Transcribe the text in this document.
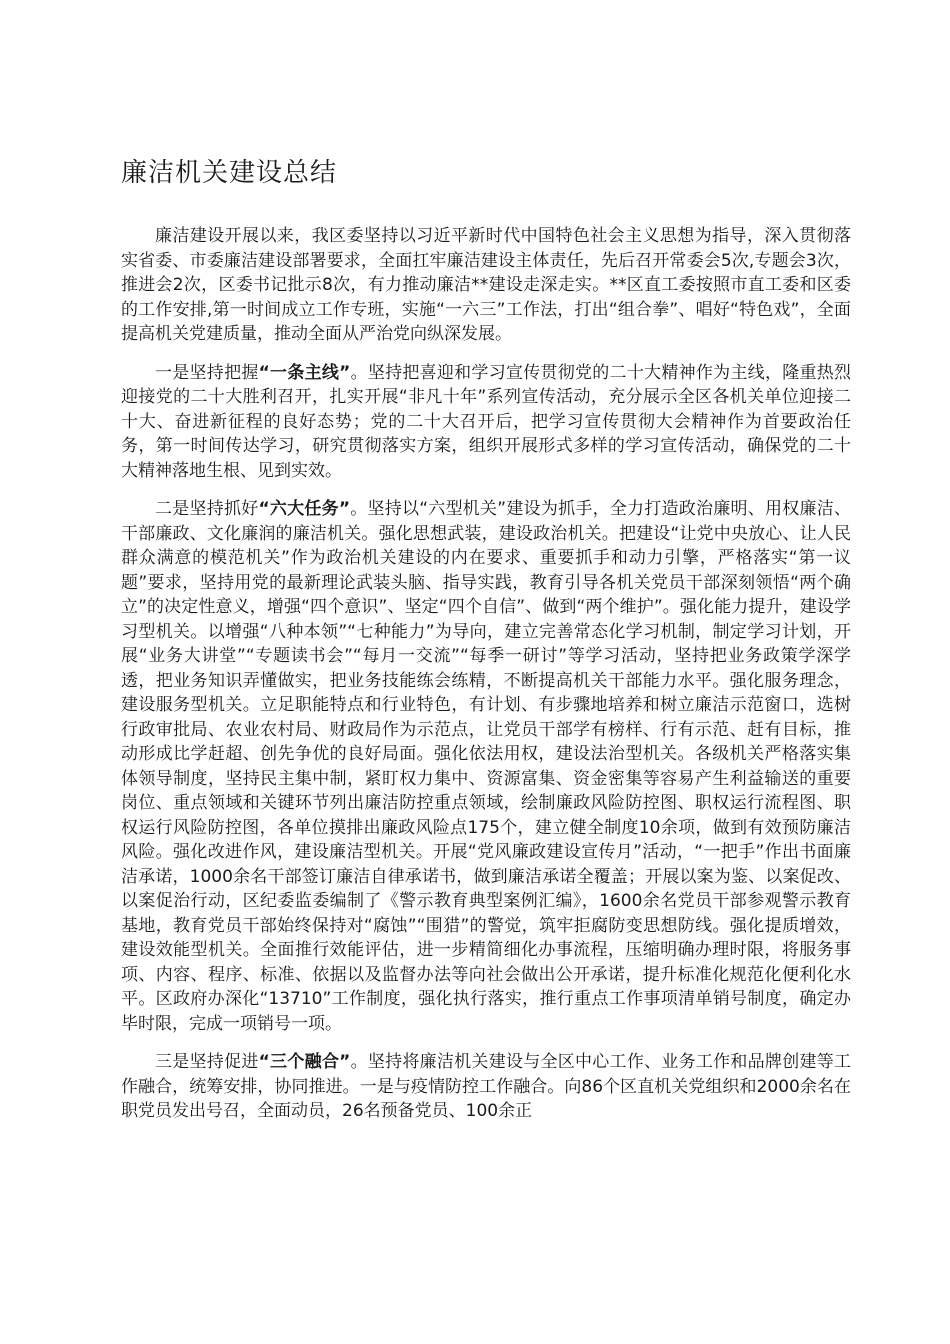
廉洁机关建设总结

廉洁建设开展以来，我区委坚持以习近平新时代中国特色社会主义思想为指导，深入贯彻落实省委、市委廉洁建设部署要求，全面扛牢廉洁建设主体责任，先后召开常委会5次,专题会3次，推进会2次，区委书记批示8次，有力推动廉洁**建设走深走实。**区直工委按照市直工委和区委的工作安排,第一时间成立工作专班，实施“一六三”工作法，打出“组合拳”、唱好“特色戏”，全面提高机关党建质量，推动全面从严治党向纵深发展。

一是坚持把握“一条主线”。坚持把喜迎和学习宣传贯彻党的二十大精神作为主线，隆重热烈迎接党的二十大胜利召开，扎实开展“非凡十年”系列宣传活动，充分展示全区各机关单位迎接二十大、奋进新征程的良好态势；党的二十大召开后，把学习宣传贯彻大会精神作为首要政治任务，第一时间传达学习，研究贯彻落实方案，组织开展形式多样的学习宣传活动，确保党的二十大精神落地生根、见到实效。

二是坚持抓好“六大任务”。坚持以“六型机关”建设为抓手，全力打造政治廉明、用权廉洁、干部廉政、文化廉润的廉洁机关。强化思想武装，建设政治机关。把建设“让党中央放心、让人民群众满意的模范机关”作为政治机关建设的内在要求、重要抓手和动力引擎，严格落实“第一议题”要求，坚持用党的最新理论武装头脑、指导实践，教育引导各机关党员干部深刻领悟“两个确立”的决定性意义，增强“四个意识”、坚定“四个自信”、做到“两个维护”。强化能力提升，建设学习型机关。以增强“八种本领”“七种能力”为导向，建立完善常态化学习机制，制定学习计划，开展“业务大讲堂”“专题读书会”“每月一交流”“每季一研讨”等学习活动，坚持把业务政策学深学透，把业务知识弄懂做实，把业务技能练会练精，不断提高机关干部能力水平。强化服务理念，建设服务型机关。立足职能特点和行业特色，有计划、有步骤地培养和树立廉洁示范窗口，选树行政审批局、农业农村局、财政局作为示范点，让党员干部学有榜样、行有示范、赶有目标，推动形成比学赶超、创先争优的良好局面。强化依法用权，建设法治型机关。各级机关严格落实集体领导制度，坚持民主集中制，紧盯权力集中、资源富集、资金密集等容易产生利益输送的重要岗位、重点领域和关键环节列出廉洁防控重点领域，绘制廉政风险防控图、职权运行流程图、职权运行风险防控图，各单位摸排出廉政风险点175个，建立健全制度10余项，做到有效预防廉洁风险。强化改进作风，建设廉洁型机关。开展“党风廉政建设宣传月”活动，“一把手”作出书面廉洁承诺，1000余名干部签订廉洁自律承诺书，做到廉洁承诺全覆盖；开展以案为鉴、以案促改、以案促治行动，区纪委监委编制了《警示教育典型案例汇编》，1600余名党员干部参观警示教育基地，教育党员干部始终保持对“腐蚀”“围猎”的警觉，筑牢拒腐防变思想防线。强化提质增效，建设效能型机关。全面推行效能评估，进一步精简细化办事流程，压缩明确办理时限，将服务事项、内容、程序、标准、依据以及监督办法等向社会做出公开承诺，提升标准化规范化便利化水平。区政府办深化“13710”工作制度，强化执行落实，推行重点工作事项清单销号制度，确定办毕时限，完成一项销号一项。

三是坚持促进“三个融合”。坚持将廉洁机关建设与全区中心工作、业务工作和品牌创建等工作融合，统筹安排，协同推进。一是与疫情防控工作融合。向86个区直机关党组织和2000余名在职党员发出号召，全面动员，26名预备党员、100余正
